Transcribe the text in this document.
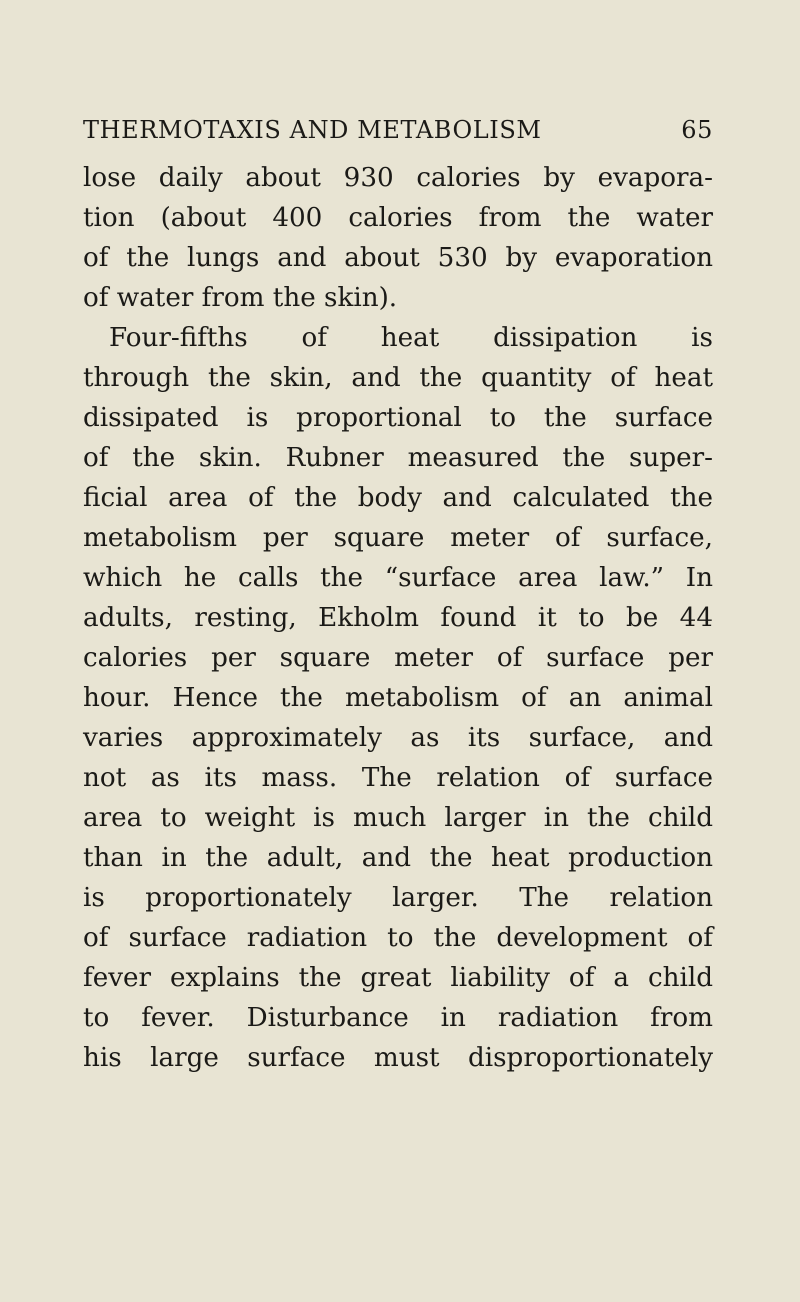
THERMOTAXIS AND METABOLISM	65
lose daily about 930 calories by evapora-
tion (about 400 calories from the water
of the lungs and about 530 by evaporation
of water from the skin).
Four-fifths of heat dissipation is
through the skin, and the quantity of heat
dissipated is proportional to the surface
of the skin. Rubner measured the super-
ficial area of the body and calculated the
metabolism per square meter of surface,
which he calls the “surface area law.” In
adults, resting, Ekholm found it to be 44
calories per square meter of surface per
hour. Hence the metabolism of an animal
varies approximately as its surface, and
not as its mass. The relation of surface
area to weight is much larger in the child
than in the adult, and the heat production
is proportionately larger. The relation
of surface radiation to the development of
fever explains the great liability of a child
to fever. Disturbance in radiation from
his large surface must disproportionately
